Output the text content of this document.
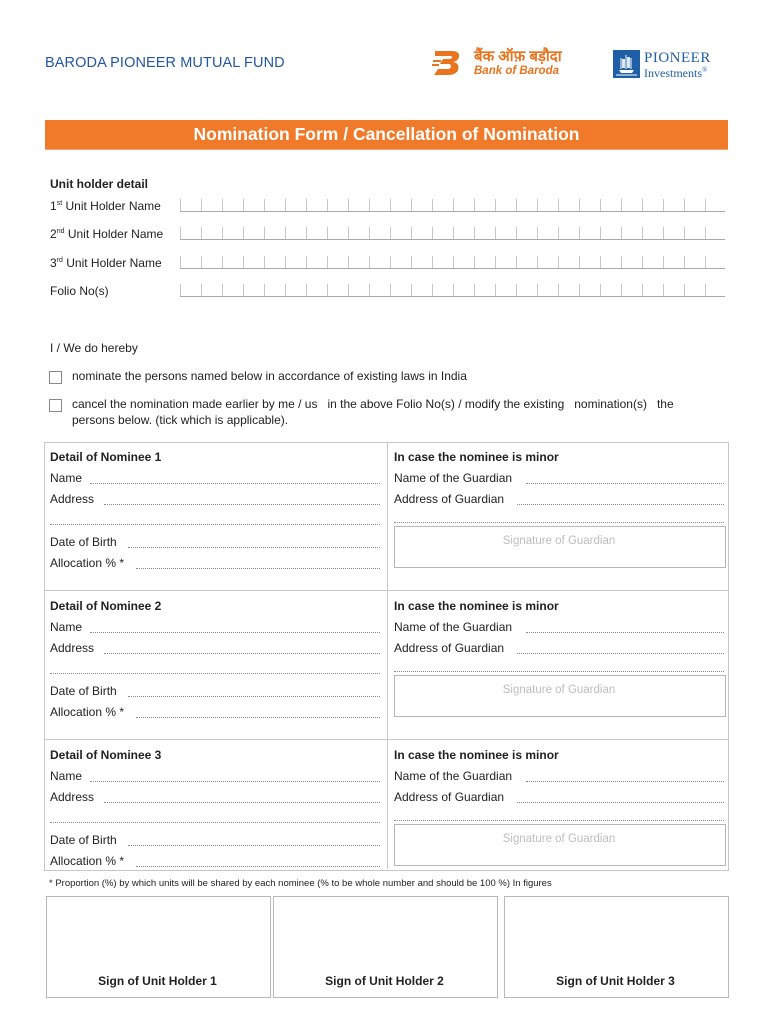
BARODA PIONEER MUTUAL FUND	बैंक ऑफ़ बड़ौदा
Bank of Baroda
PIONEER
Investments®
Nomination Form / Cancellation of Nomination
Unit holder detail
1st Unit Holder Name
2nd Unit Holder Name
3rd Unit Holder Name
Folio No(s)
I / We do hereby
nominate the persons named below in accordance of existing laws in India
cancel the nomination made earlier by me / us   in the above Folio No(s) / modify the existing   nomination(s)   the
persons below. (tick which is applicable).
Detail of Nominee 1	In case the nominee is minor
Name	Name of the Guardian
Address	Address of Guardian
Date of Birth
Allocation % *
Signature of Guardian
Detail of Nominee 2	In case the nominee is minor
Name	Name of the Guardian
Address	Address of Guardian
Date of Birth
Allocation % *
Signature of Guardian
Detail of Nominee 3	In case the nominee is minor
Name	Name of the Guardian
Address	Address of Guardian
Date of Birth
Allocation % *
Signature of Guardian
* Proportion (%) by which units will be shared by each nominee (% to be whole number and should be 100 %) In figures
Sign of Unit Holder 1	Sign of Unit Holder 2	Sign of Unit Holder 3
